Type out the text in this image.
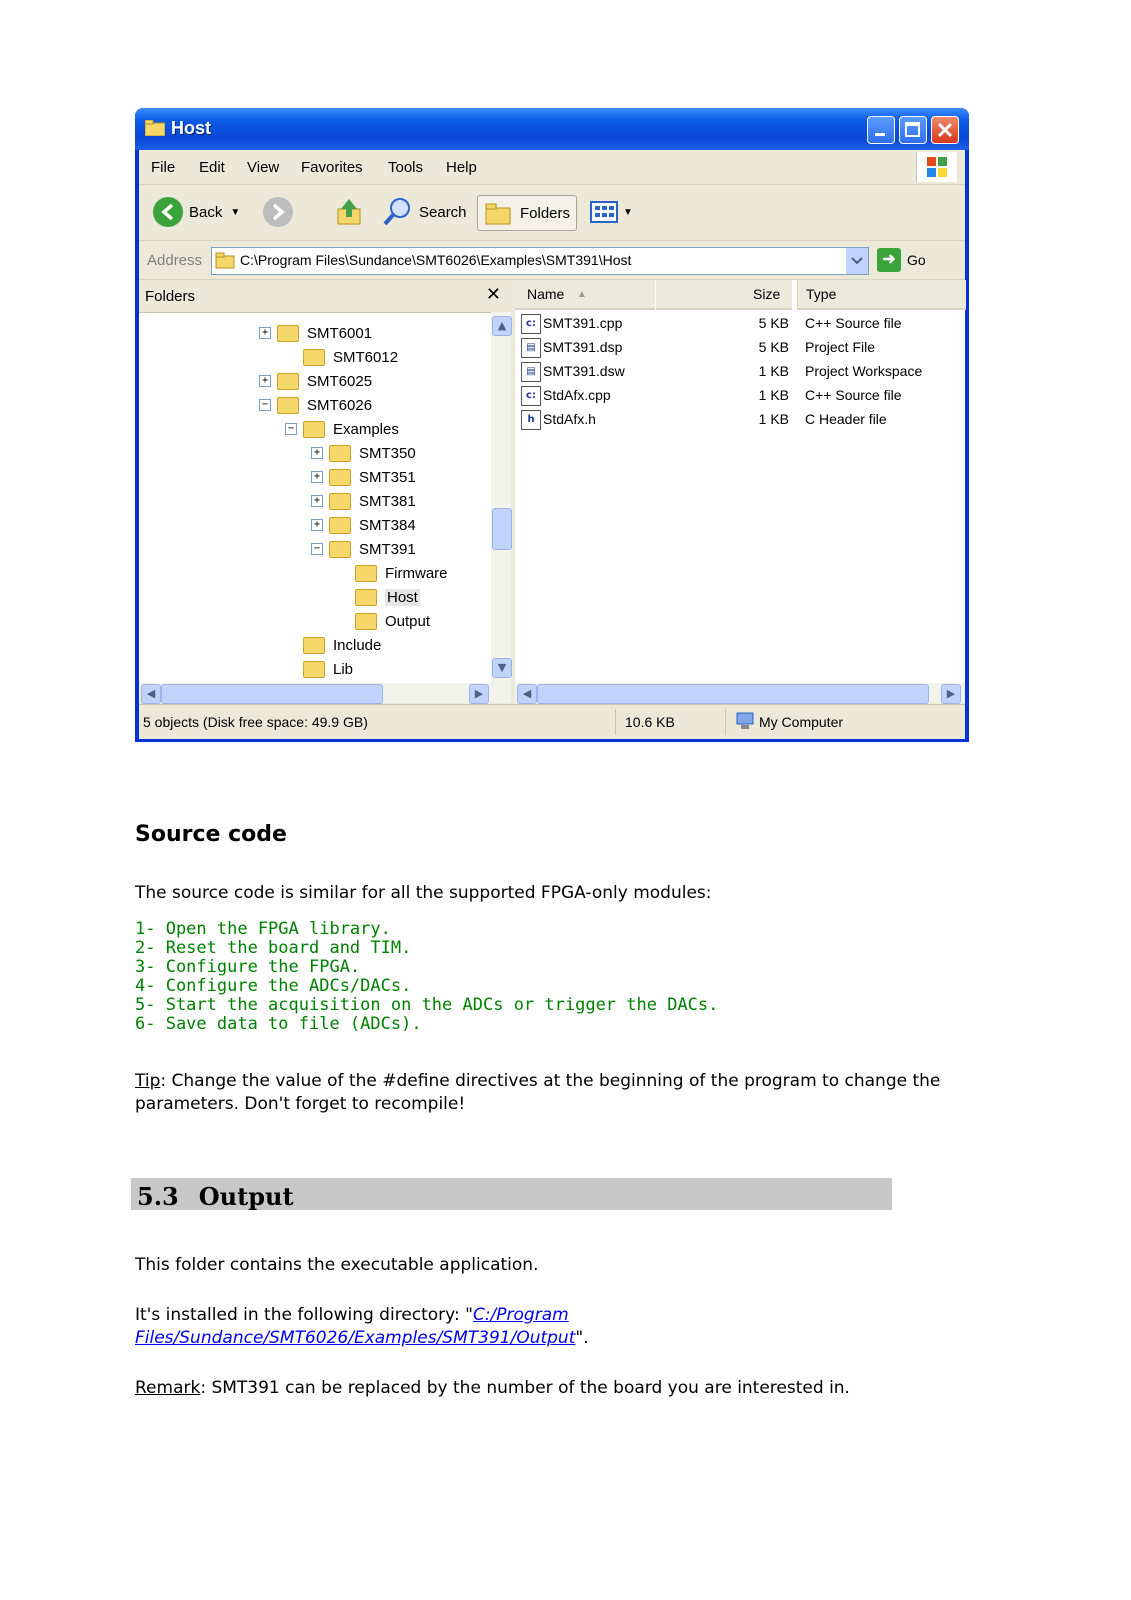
Host
File Edit View Favorites Tools Help
Back ▼	Search	Folders	▼
Address	C:\Program Files\Sundance\SMT6026\Examples\SMT391\Host	➜ Go
Folders	✕
+	SMT6001
SMT6012
+	SMT6025
−	SMT6026
−	Examples
+	SMT350
+	SMT351
+	SMT381
+	SMT384
−	SMT391
Firmware
Host
Output
Include
Lib
▲
▼
◀	▶
Name ▲	Size Type
c: SMT391.cpp	5 KB C++ Source file
▤ SMT391.dsp	5 KB Project File
▤ SMT391.dsw	1 KB Project Workspace
c: StdAfx.cpp	1 KB C++ Source file
h StdAfx.h	1 KB C Header file
◀	▶
5 objects (Disk free space: 49.9 GB)	10.6 KB	My Computer
Source code
The source code is similar for all the supported FPGA-only modules:
1- Open the FPGA library.
2- Reset the board and TIM.
3- Configure the FPGA.
4- Configure the ADCs/DACs.
5- Start the acquisition on the ADCs or trigger the DACs.
6- Save data to file (ADCs).
Tip: Change the value of the #define directives at the beginning of the program to change the parameters. Don't forget to recompile!
5.3 Output
This folder contains the executable application.
It's installed in the following directory: "C:/Program Files/Sundance/SMT6026/Examples/SMT391/Output".
Remark: SMT391 can be replaced by the number of the board you are interested in.
